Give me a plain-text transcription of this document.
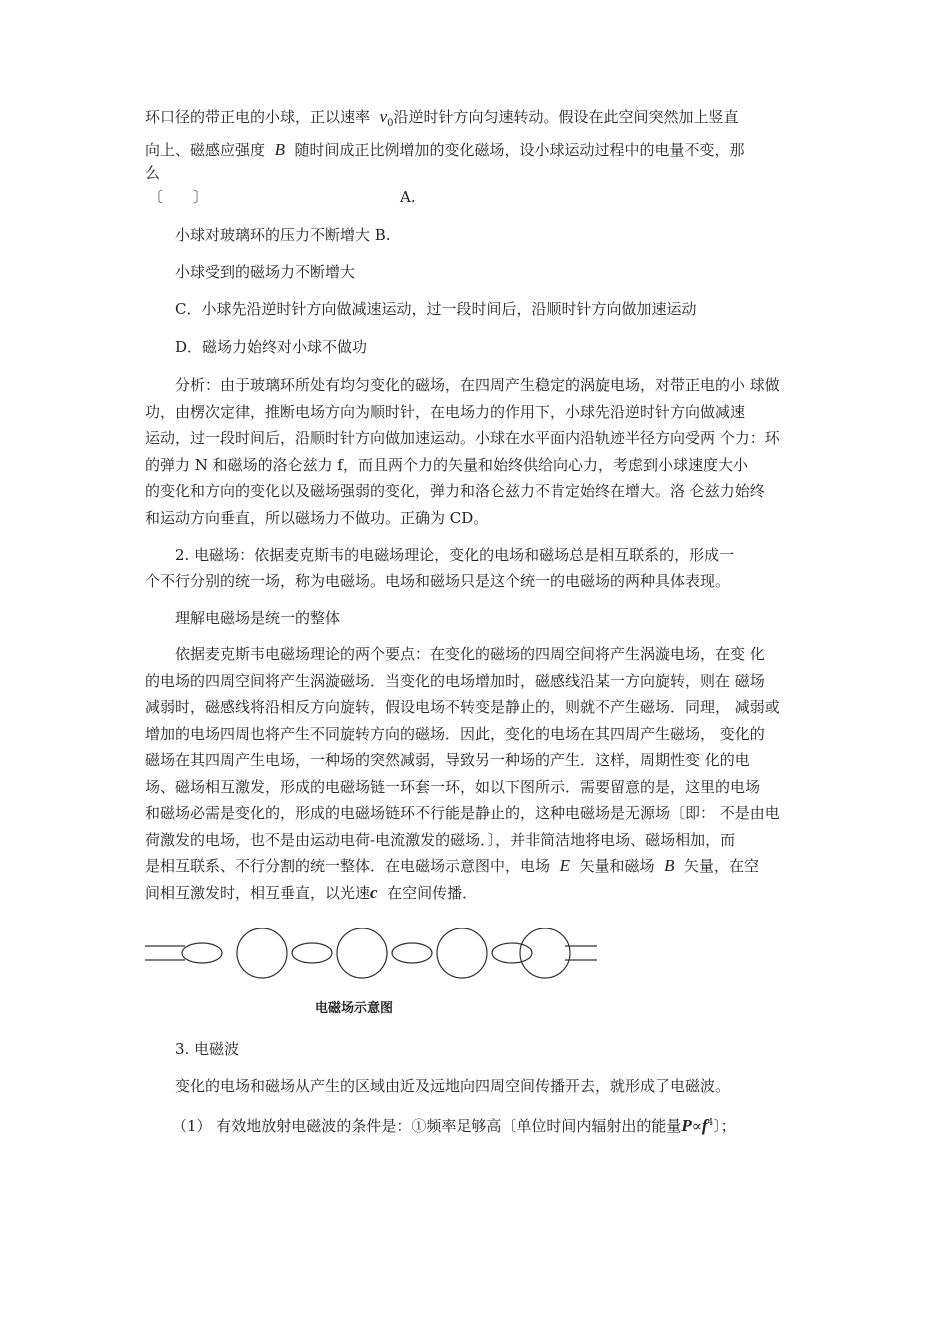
环口径的带正电的小球，正以速率 $v_0$沿逆时针方向匀速转动。假设在此空间突然加上竖直
向上、磁感应强度 B 随时间成正比例增加的变化磁场，设小球运动过程中的电量不变，那
么
〔　　〕	A.
小球对玻璃环的压力不断增大 B.
小球受到的磁场力不断增大
C．小球先沿逆时针方向做减速运动，过一段时间后，沿顺时针方向做加速运动
D．磁场力始终对小球不做功
分析：由于玻璃环所处有均匀变化的磁场，在四周产生稳定的涡旋电场，对带正电的小 球做
功，由楞次定律，推断电场方向为顺时针，在电场力的作用下，小球先沿逆时针方向做减速
运动，过一段时间后，沿顺时针方向做加速运动。小球在水平面内沿轨迹半径方向受两 个力：环
的弹力 N 和磁场的洛仑兹力 f，而且两个力的矢量和始终供给向心力，考虑到小球速度大小
的变化和方向的变化以及磁场强弱的变化，弹力和洛仑兹力不肯定始终在增大。洛 仑兹力始终
和运动方向垂直，所以磁场力不做功。正确为 CD。
2. 电磁场：依据麦克斯韦的电磁场理论，变化的电场和磁场总是相互联系的，形成一
个不行分别的统一场，称为电磁场。电场和磁场只是这个统一的电磁场的两种具体表现。
理解电磁场是统一的整体
依据麦克斯韦电磁场理论的两个要点：在变化的磁场的四周空间将产生涡漩电场，在变 化
的电场的四周空间将产生涡漩磁场．当变化的电场增加时，磁感线沿某一方向旋转，则在 磁场
减弱时，磁感线将沿相反方向旋转，假设电场不转变是静止的，则就不产生磁场．同理， 减弱或
增加的电场四周也将产生不同旋转方向的磁场．因此，变化的电场在其四周产生磁场， 变化的
磁场在其四周产生电场，一种场的突然减弱，导致另一种场的产生．这样，周期性变 化的电
场、磁场相互激发，形成的电磁场链一环套一环，如以下图所示．需要留意的是，这里的电场
和磁场必需是变化的，形成的电磁场链环不行能是静止的，这种电磁场是无源场〔即： 不是由电
荷激发的电场，也不是由运动电荷-电流激发的磁场．〕，并非简洁地将电场、磁场相加，而
是相互联系、不行分割的统一整体．在电磁场示意图中，电场 E 矢量和磁场 B 矢量，在空
间相互激发时，相互垂直，以光速c 在空间传播．
电磁场示意图
3. 电磁波
变化的电场和磁场从产生的区域由近及远地向四周空间传播开去，就形成了电磁波。
（1） 有效地放射电磁波的条件是：①频率足够高〔单位时间内辐射出的能量$P\propto f^4$〕；
